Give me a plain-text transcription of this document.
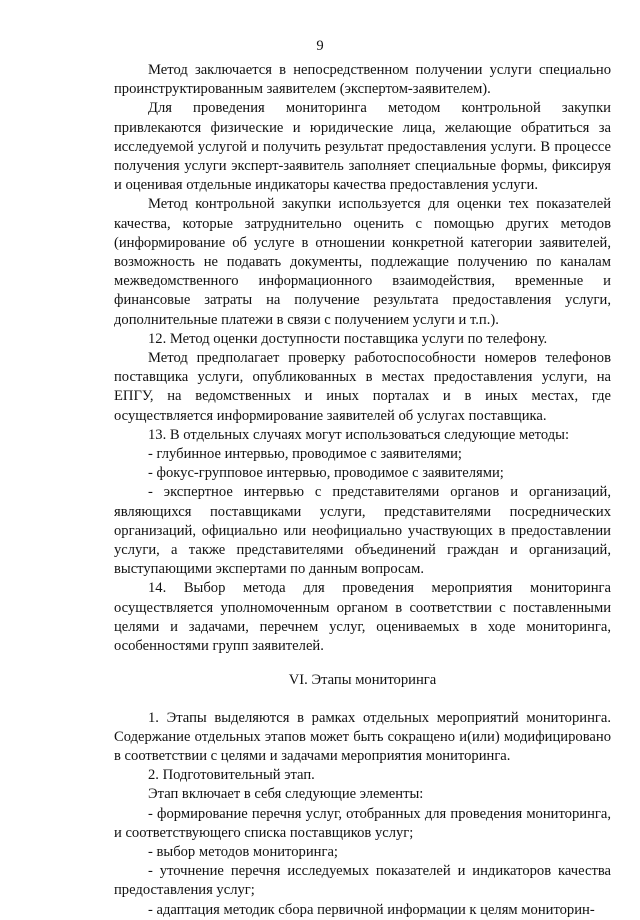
9

Метод заключается в непосредственном получении услуги специально проинструктированным заявителем (экспертом-заявителем).

Для проведения мониторинга методом контрольной закупки привлекаются физические и юридические лица, желающие обратиться за исследуемой услугой и получить результат предоставления услуги. В процессе получения услуги эксперт-заявитель заполняет специальные формы, фиксируя и оценивая отдельные индикаторы качества предоставления услуги.

Метод контрольной закупки используется для оценки тех показателей качества, которые затруднительно оценить с помощью других методов (информирование об услуге в отношении конкретной категории заявителей, возможность не подавать документы, подлежащие получению по каналам межведомственного информационного взаимодействия, временные и финансовые затраты на получение результата предоставления услуги, дополнительные платежи в связи с получением услуги и т.п.).

12. Метод оценки доступности поставщика услуги по телефону.

Метод предполагает проверку работоспособности номеров телефонов поставщика услуги, опубликованных в местах предоставления услуги, на ЕПГУ, на ведомственных и иных порталах и в иных местах, где осуществляется информирование заявителей об услугах поставщика.

13. В отдельных случаях могут использоваться следующие методы:

- глубинное интервью, проводимое с заявителями;

- фокус-групповое интервью, проводимое с заявителями;

- экспертное интервью с представителями органов и организаций, являющихся поставщиками услуги, представителями посреднических организаций, официально или неофициально участвующих в предоставлении услуги, а также представителями объединений граждан и организаций, выступающими экспертами по данным вопросам.

14. Выбор метода для проведения мероприятия мониторинга осуществляется уполномоченным органом в соответствии с поставленными целями и задачами, перечнем услуг, оцениваемых в ходе мониторинга, особенностями групп заявителей.

VI. Этапы мониторинга

1. Этапы выделяются в рамках отдельных мероприятий мониторинга. Содержание отдельных этапов может быть сокращено и(или) модифицировано в соответствии с целями и задачами мероприятия мониторинга.

2. Подготовительный этап.

Этап включает в себя следующие элементы:

- формирование перечня услуг, отобранных для проведения мониторинга, и соответствующего списка поставщиков услуг;

- выбор методов мониторинга;

- уточнение перечня исследуемых показателей и индикаторов качества предоставления услуг;

- адаптация методик сбора первичной информации к целям мониторин-
